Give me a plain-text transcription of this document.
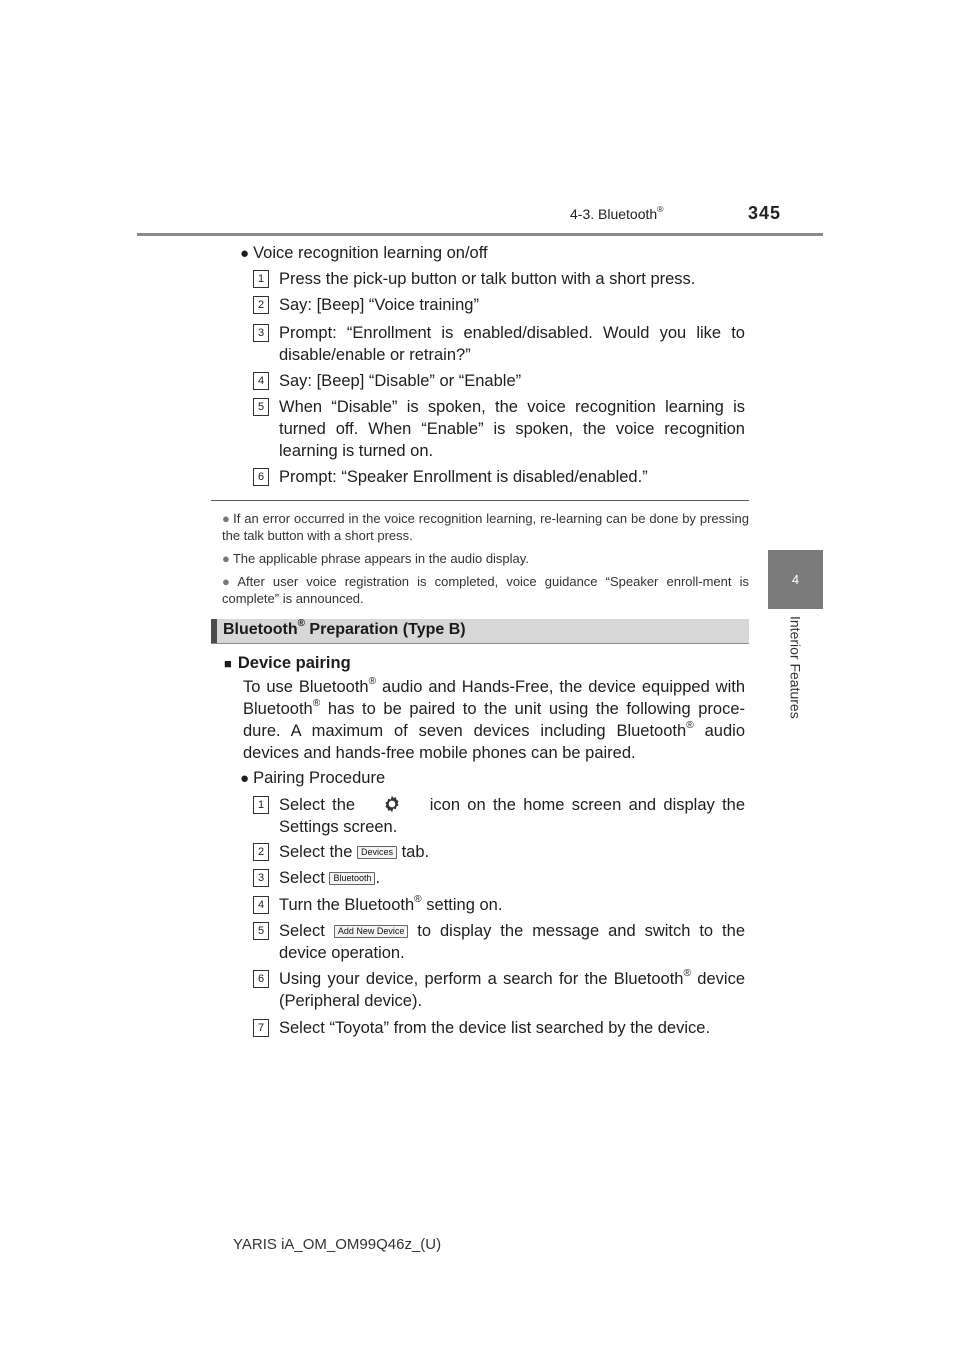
4-3. Bluetooth®	345
4
Interior Features
● Voice recognition learning on/off
1 Press the pick-up button or talk button with a short press.
2 Say: [Beep] “Voice training”
3 Prompt: “Enrollment is enabled/disabled. Would you like to disable/enable or retrain?”
4 Say: [Beep] “Disable” or “Enable”
5 When “Disable” is spoken, the voice recognition learning is turned off. When “Enable” is spoken, the voice recognition learning is turned on.
6 Prompt: “Speaker Enrollment is disabled/enabled.”
● If an error occurred in the voice recognition learning, re-learning can be done by pressing the talk button with a short press.
● The applicable phrase appears in the audio display.
● After user voice registration is completed, voice guidance “Speaker enroll-ment is complete” is announced.
Bluetooth® Preparation (Type B)
■ Device pairing
To use Bluetooth® audio and Hands-Free, the device equipped with Bluetooth® has to be paired to the unit using the following proce-dure. A maximum of seven devices including Bluetooth® audio devices and hands-free mobile phones can be paired.
● Pairing Procedure
1 Select the	icon on the home screen and display the Settings screen.
2 Select the Devices tab.
3 Select Bluetooth .
4 Turn the Bluetooth® setting on.
5 Select Add New Device to display the message and switch to the device operation.
6 Using your device, perform a search for the Bluetooth® device (Peripheral device).
7 Select “Toyota” from the device list searched by the device.
YARIS iA_OM_OM99Q46z_(U)
